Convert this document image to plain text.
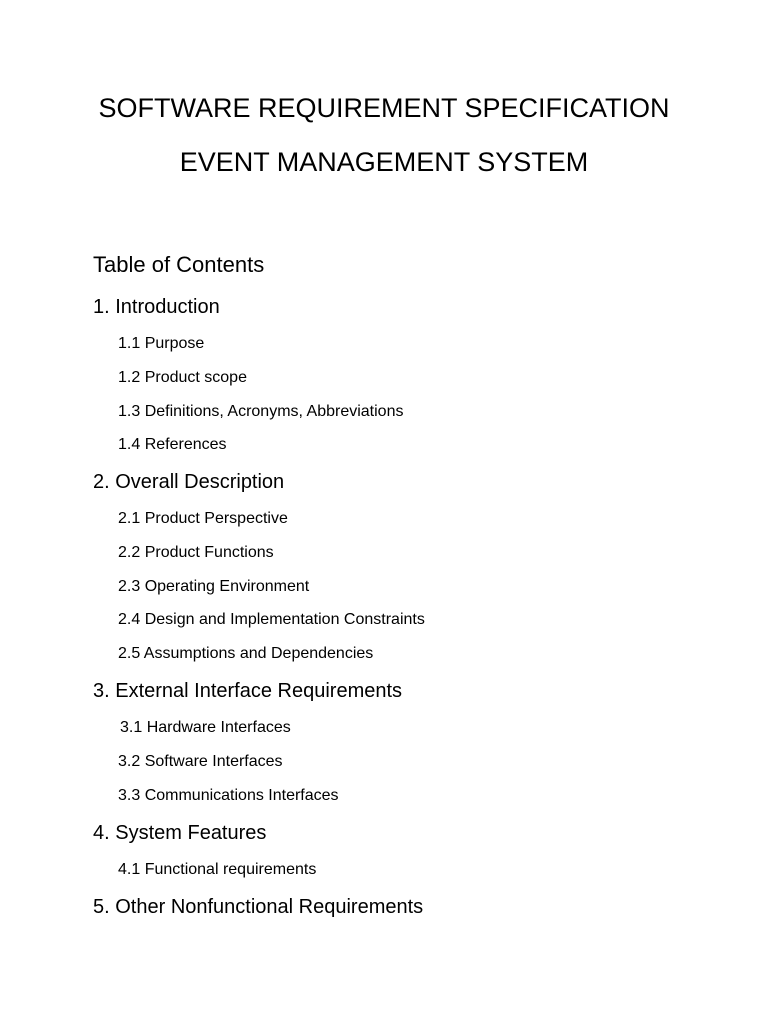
SOFTWARE REQUIREMENT SPECIFICATION
EVENT MANAGEMENT SYSTEM
Table of Contents
1. Introduction
1.1 Purpose
1.2 Product scope
1.3 Definitions, Acronyms, Abbreviations
1.4 References
2. Overall Description
2.1 Product Perspective
2.2 Product Functions
2.3 Operating Environment
2.4 Design and Implementation Constraints
2.5 Assumptions and Dependencies
3. External Interface Requirements
3.1 Hardware Interfaces
3.2 Software Interfaces
3.3 Communications Interfaces
4. System Features
4.1 Functional requirements
5. Other Nonfunctional Requirements
